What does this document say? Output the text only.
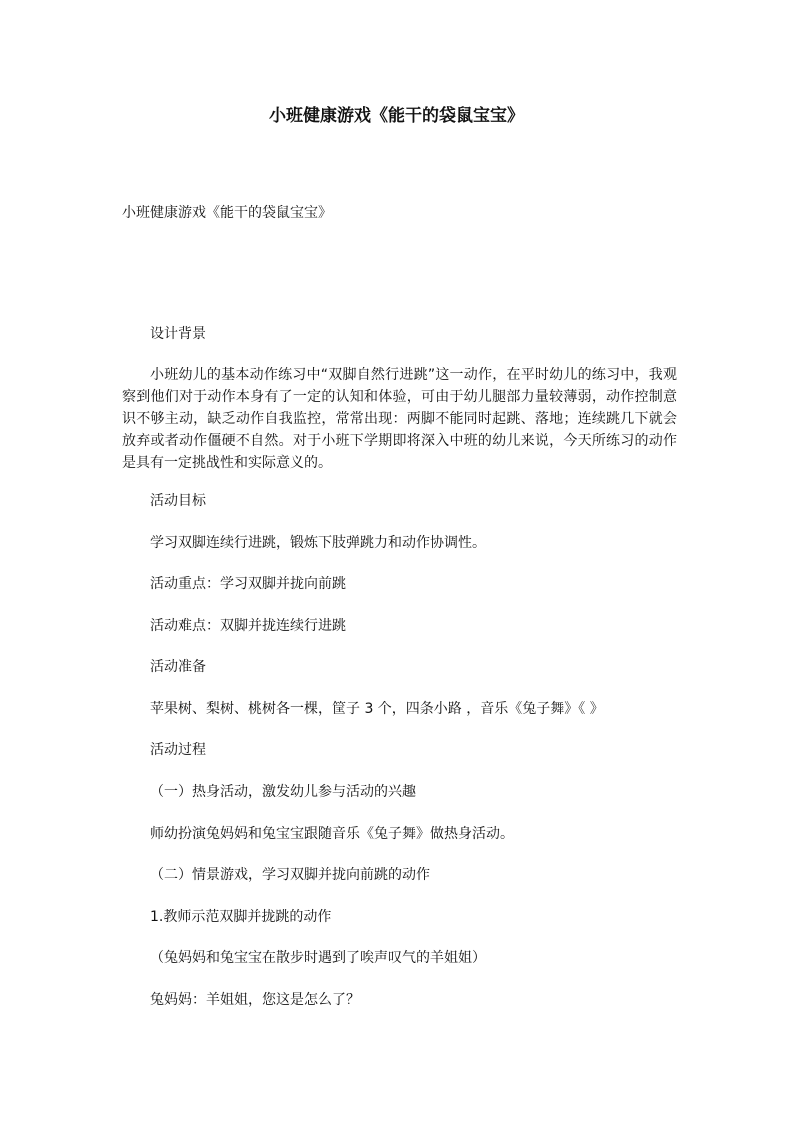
小班健康游戏《能干的袋鼠宝宝》
小班健康游戏《能干的袋鼠宝宝》
设计背景
小班幼儿的基本动作练习中“双脚自然行进跳”这一动作，在平时幼儿的练习中，我观察到他们对于动作本身有了一定的认知和体验，可由于幼儿腿部力量较薄弱，动作控制意识不够主动，缺乏动作自我监控，常常出现：两脚不能同时起跳、落地；连续跳几下就会放弃或者动作僵硬不自然。对于小班下学期即将深入中班的幼儿来说，今天所练习的动作是具有一定挑战性和实际意义的。
活动目标
学习双脚连续行进跳，锻炼下肢弹跳力和动作协调性。
活动重点：学习双脚并拢向前跳
活动难点：双脚并拢连续行进跳
活动准备
苹果树、梨树、桃树各一棵，筐子 3 个，四条小路 ，音乐《兔子舞》《 》
活动过程
（一）热身活动，激发幼儿参与活动的兴趣
师幼扮演兔妈妈和兔宝宝跟随音乐《兔子舞》做热身活动。
（二）情景游戏，学习双脚并拢向前跳的动作
1.教师示范双脚并拢跳的动作
（兔妈妈和兔宝宝在散步时遇到了唉声叹气的羊姐姐）
兔妈妈：羊姐姐，您这是怎么了？
